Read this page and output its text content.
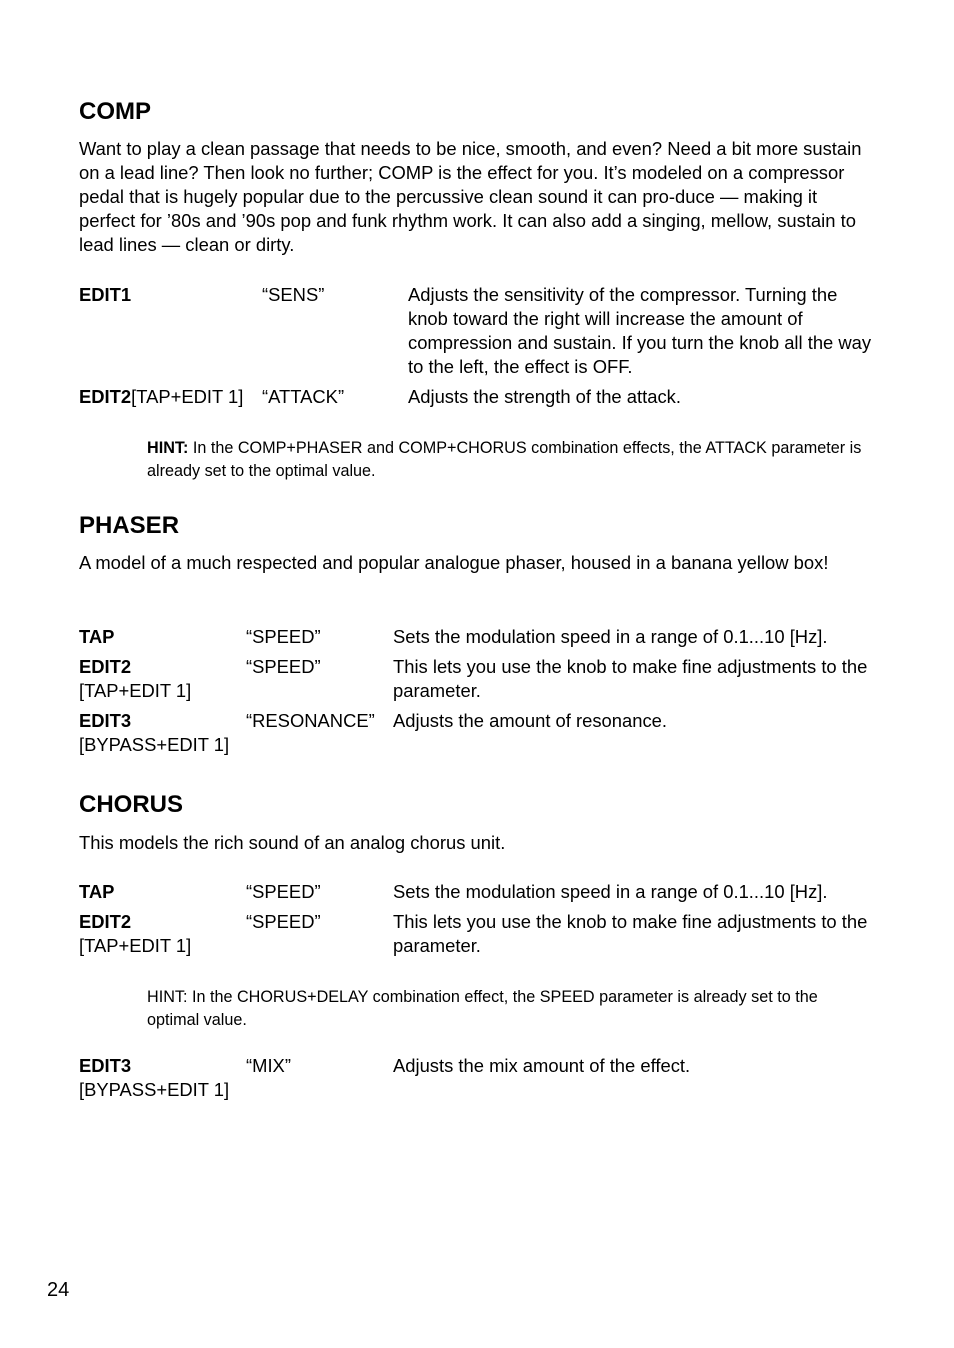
COMP

Want to play a clean passage that needs to be nice, smooth, and even? Need a bit more sustain on a lead line? Then look no further; COMP is the effect for you. It’s modeled on a compressor pedal that is hugely popular due to the percussive clean sound it can pro-duce — making it perfect for ’80s and ’90s pop and funk rhythm work. It can also add a singing, mellow, sustain to lead lines — clean or dirty.

EDIT1	“SENS”	Adjusts the sensitivity of the compressor. Turning the knob toward the right will increase the amount of compression and sustain. If you turn the knob all the way to the left, the effect is OFF.
EDIT2[TAP+EDIT 1] “ATTACK”	Adjusts the strength of the attack.

HINT: In the COMP+PHASER and COMP+CHORUS combination effects, the ATTACK parameter is already set to the optimal value.

PHASER

A model of a much respected and popular analogue phaser, housed in a banana yellow box!

TAP	“SPEED”	Sets the modulation speed in a range of 0.1...10 [Hz].
EDIT2
[TAP+EDIT 1]
“SPEED”	This lets you use the knob to make fine adjustments to the parameter.
EDIT3
[BYPASS+EDIT 1]
“RESONANCE” Adjusts the amount of resonance.
CHORUS

This models the rich sound of an analog chorus unit.

TAP	“SPEED”	Sets the modulation speed in a range of 0.1...10 [Hz].
EDIT2
[TAP+EDIT 1]
“SPEED”	This lets you use the knob to make fine adjustments to the parameter.

HINT: In the CHORUS+DELAY combination effect, the SPEED parameter is already set to the optimal value.

EDIT3
[BYPASS+EDIT 1]
“MIX”	Adjusts the mix amount of the effect.
24
